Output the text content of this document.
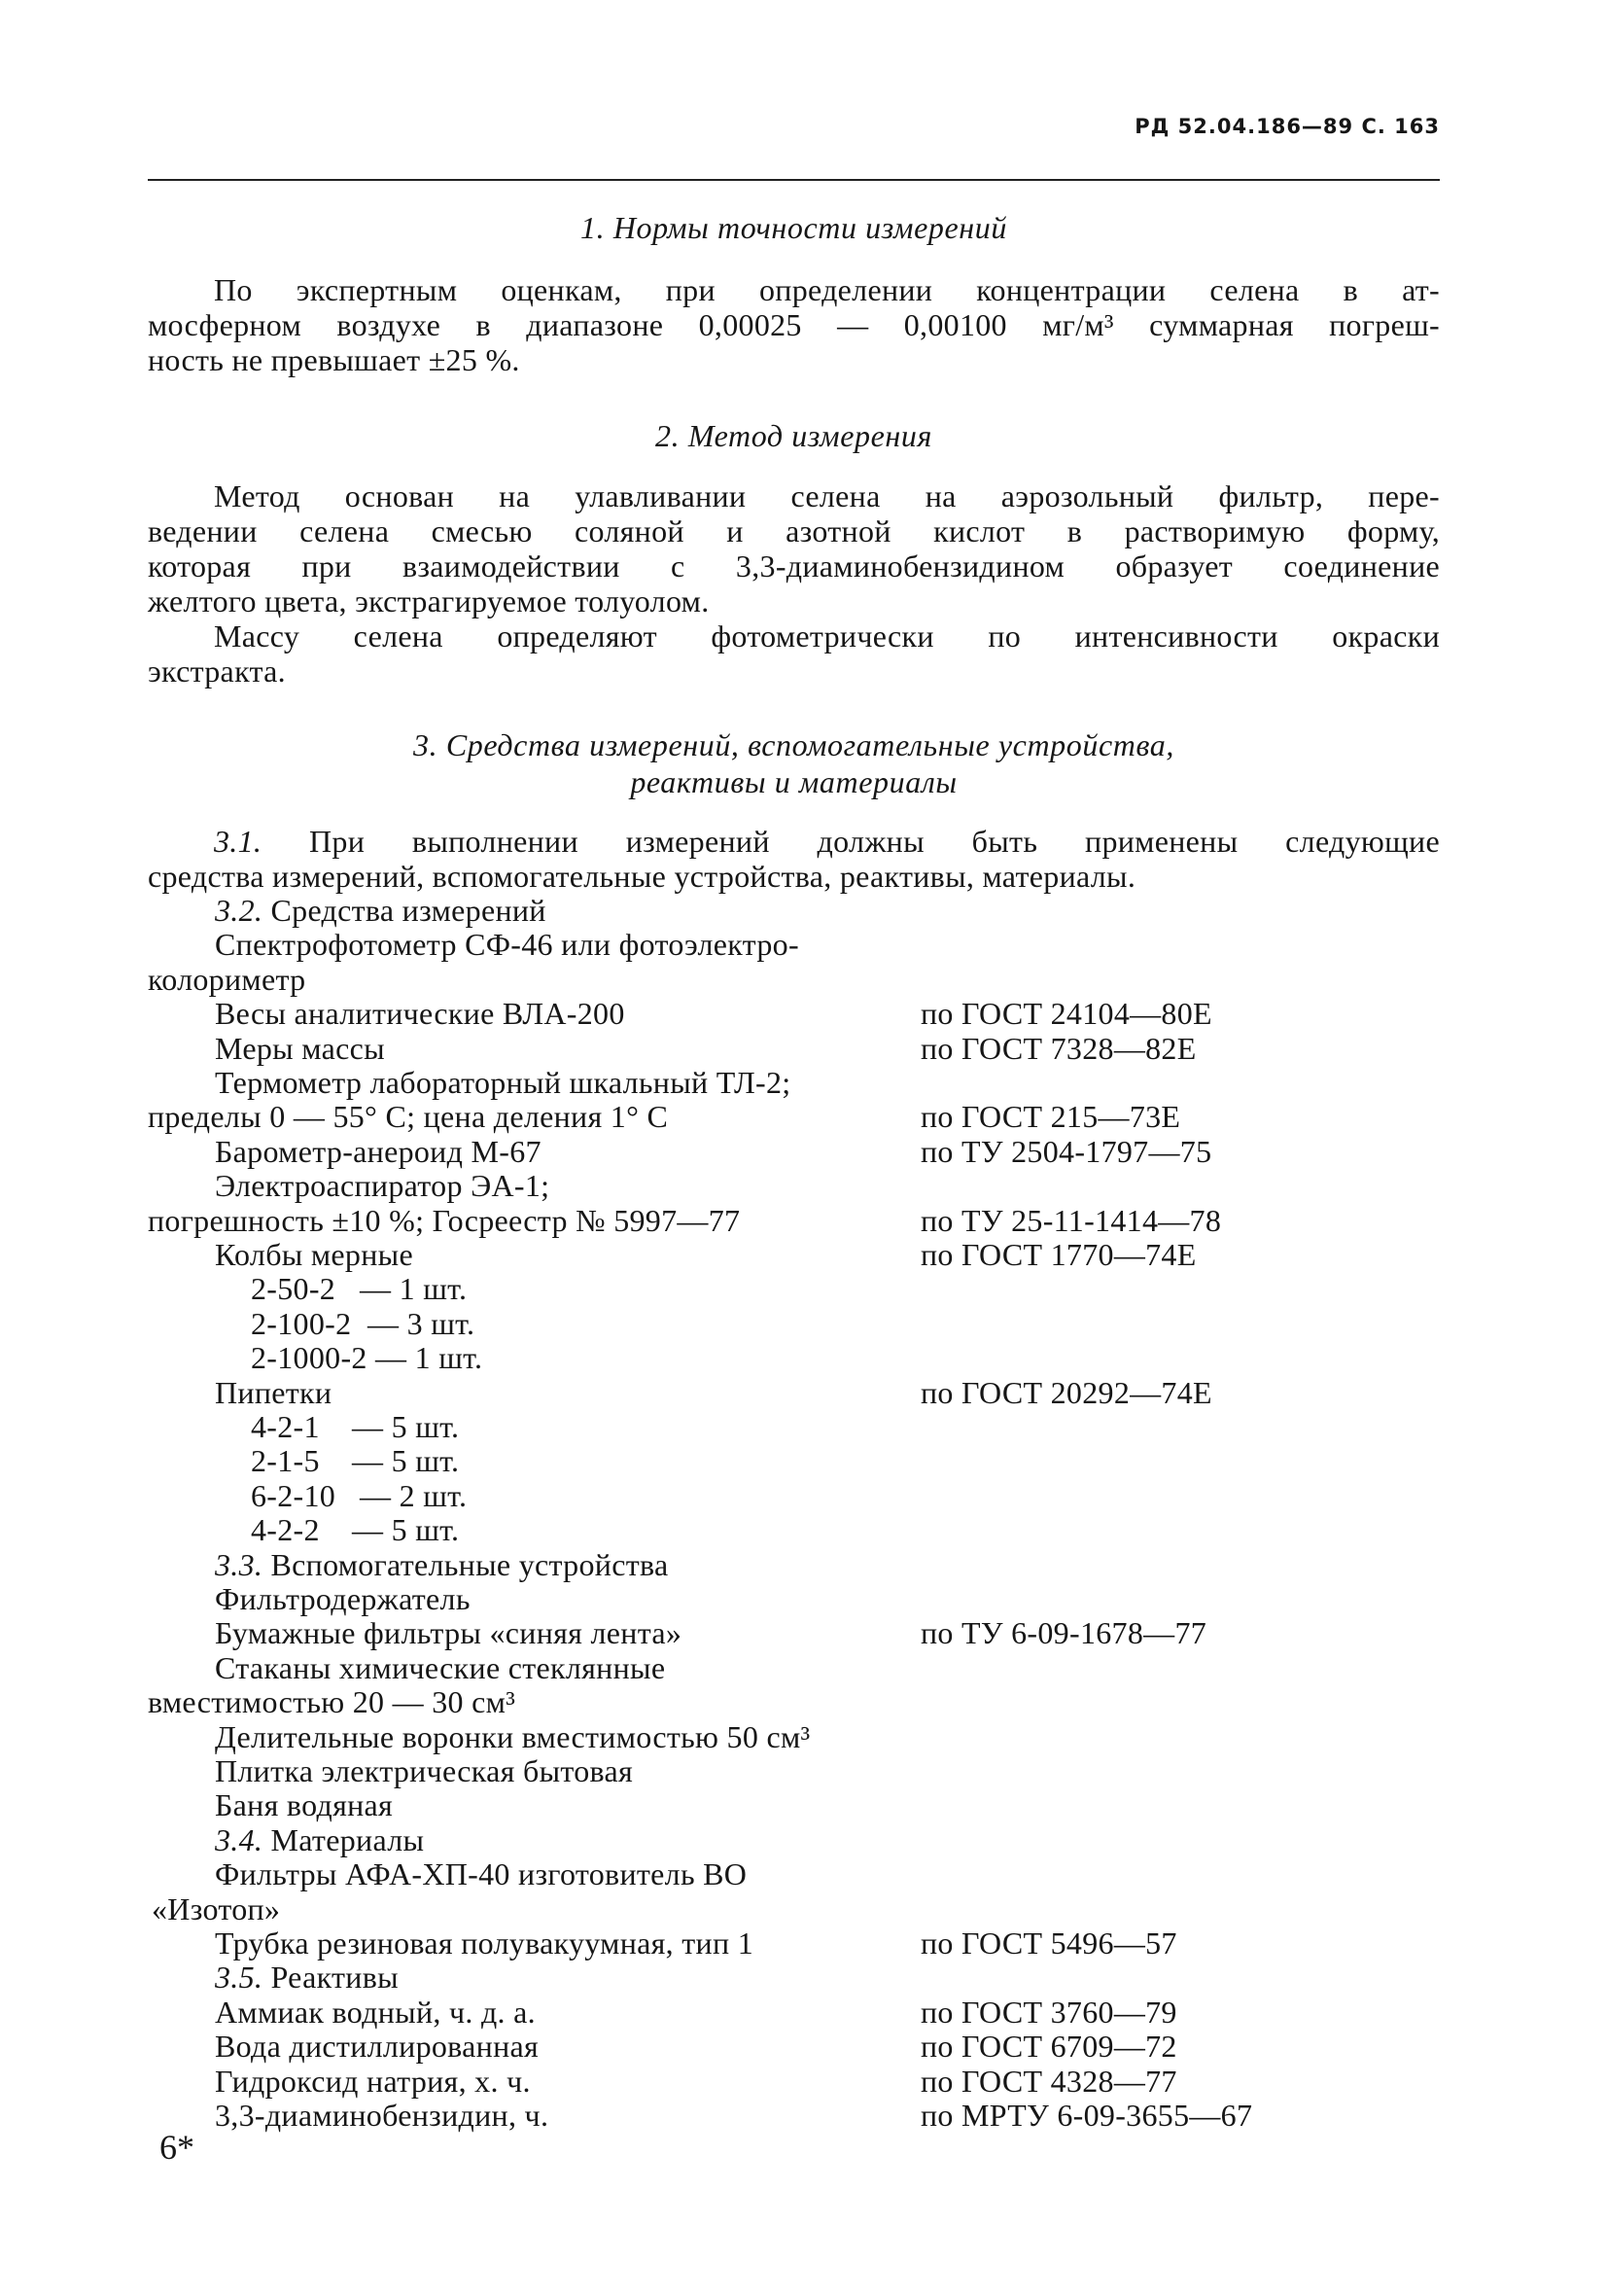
РД 52.04.186—89 С. 163
1. Нормы точности измерений
По экспертным оценкам, при определении концентрации селена в ат-
мосферном воздухе в диапазоне 0,00025 — 0,00100 мг/м³ суммарная погреш-
ность не превышает ±25 %.
2. Метод измерения
Метод основан на улавливании селена на аэрозольный фильтр, пере-
ведении селена смесью соляной и азотной кислот в растворимую форму,
которая при взаимодействии с 3,3-диаминобензидином образует соединение
желтого цвета, экстрагируемое толуолом.
Массу селена определяют фотометрически по интенсивности окраски
экстракта.
3. Средства измерений, вспомогательные устройства,
реактивы и материалы
3.1. При выполнении измерений должны быть применены следующие
средства измерений, вспомогательные устройства, реактивы, материалы.
3.2. Средства измерений
Спектрофотометр СФ-46 или фотоэлектро-
колориметр
Весы аналитические ВЛА-200	по ГОСТ 24104—80Е
Меры массы	по ГОСТ 7328—82Е
Термометр лабораторный шкальный ТЛ-2;
пределы 0 — 55° С; цена деления 1° С	по ГОСТ 215—73Е
Барометр-анероид М-67	по ТУ 2504-1797—75
Электроаспиратор ЭА-1;
погрешность ±10 %; Госреестр № 5997—77	по ТУ 25-11-1414—78
Колбы мерные	по ГОСТ 1770—74Е
2-50-2   — 1 шт.
2-100-2  — 3 шт.
2-1000-2 — 1 шт.
Пипетки	по ГОСТ 20292—74Е
4-2-1    — 5 шт.
2-1-5    — 5 шт.
6-2-10   — 2 шт.
4-2-2    — 5 шт.
3.3. Вспомогательные устройства
Фильтродержатель
Бумажные фильтры «синяя лента»	по ТУ 6-09-1678—77
Стаканы химические стеклянные
вместимостью 20 — 30 см³
Делительные воронки вместимостью 50 см³
Плитка электрическая бытовая
Баня водяная
3.4. Материалы
Фильтры АФА-ХП-40 изготовитель ВО
«Изотоп»
Трубка резиновая полувакуумная, тип 1	по ГОСТ 5496—57
3.5. Реактивы
Аммиак водный, ч. д. а.	по ГОСТ 3760—79
Вода дистиллированная	по ГОСТ 6709—72
Гидроксид натрия, х. ч.	по ГОСТ 4328—77
3,3-диаминобензидин, ч.	по МРТУ 6-09-3655—67
6*
